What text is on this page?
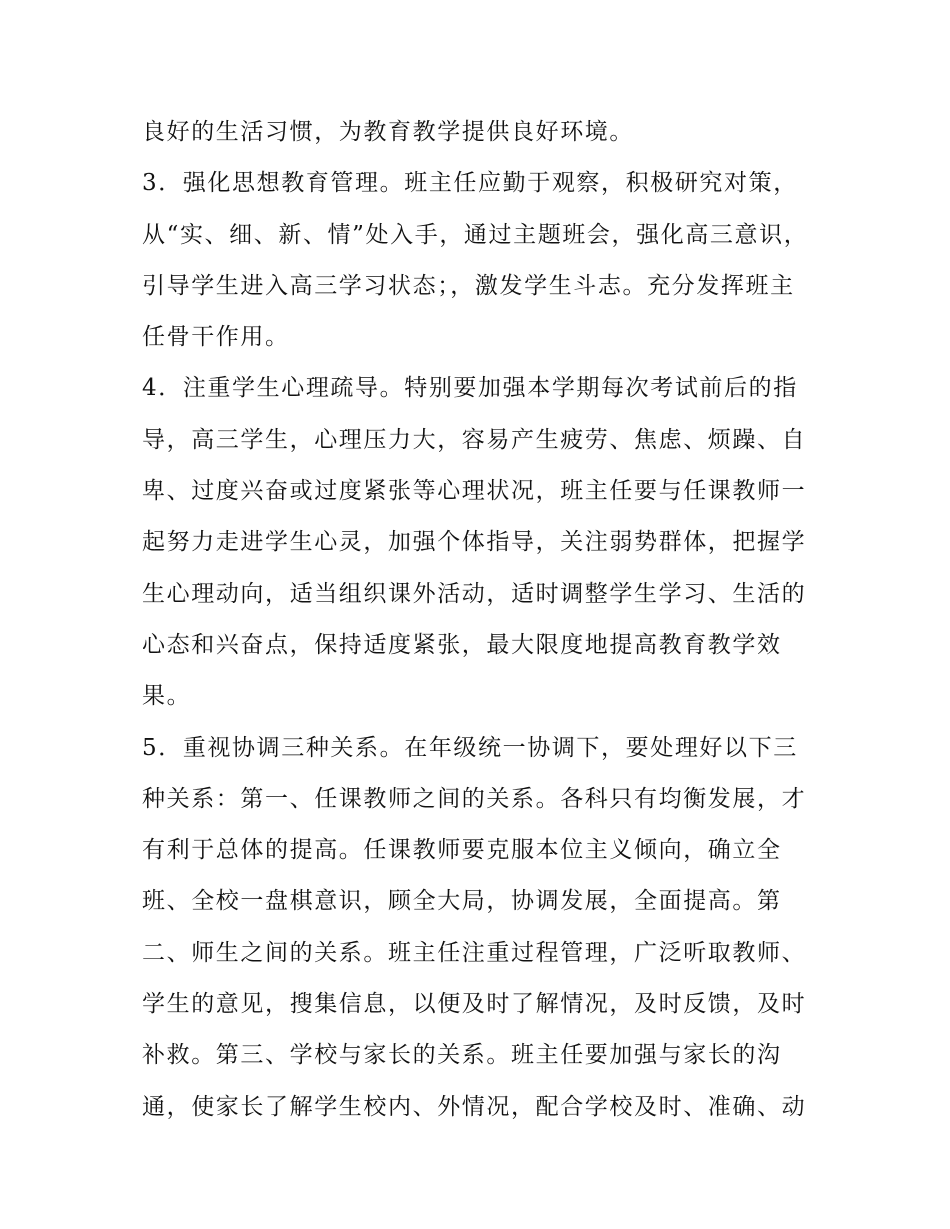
良好的生活习惯，为教育教学提供良好环境。
3．强化思想教育管理。班主任应勤于观察，积极研究对策，
从“实、细、新、情”处入手，通过主题班会，强化高三意识，
引导学生进入高三学习状态；，激发学生斗志。充分发挥班主
任骨干作用。
4．注重学生心理疏导。特别要加强本学期每次考试前后的指
导，高三学生，心理压力大，容易产生疲劳、焦虑、烦躁、自
卑、过度兴奋或过度紧张等心理状况，班主任要与任课教师一
起努力走进学生心灵，加强个体指导，关注弱势群体，把握学
生心理动向，适当组织课外活动，适时调整学生学习、生活的
心态和兴奋点，保持适度紧张，最大限度地提高教育教学效
果。
5．重视协调三种关系。在年级统一协调下，要处理好以下三
种关系：第一、任课教师之间的关系。各科只有均衡发展，才
有利于总体的提高。任课教师要克服本位主义倾向，确立全
班、全校一盘棋意识，顾全大局，协调发展，全面提高。第
二、师生之间的关系。班主任注重过程管理，广泛听取教师、
学生的意见，搜集信息，以便及时了解情况，及时反馈，及时
补救。第三、学校与家长的关系。班主任要加强与家长的沟
通，使家长了解学生校内、外情况，配合学校及时、准确、动
